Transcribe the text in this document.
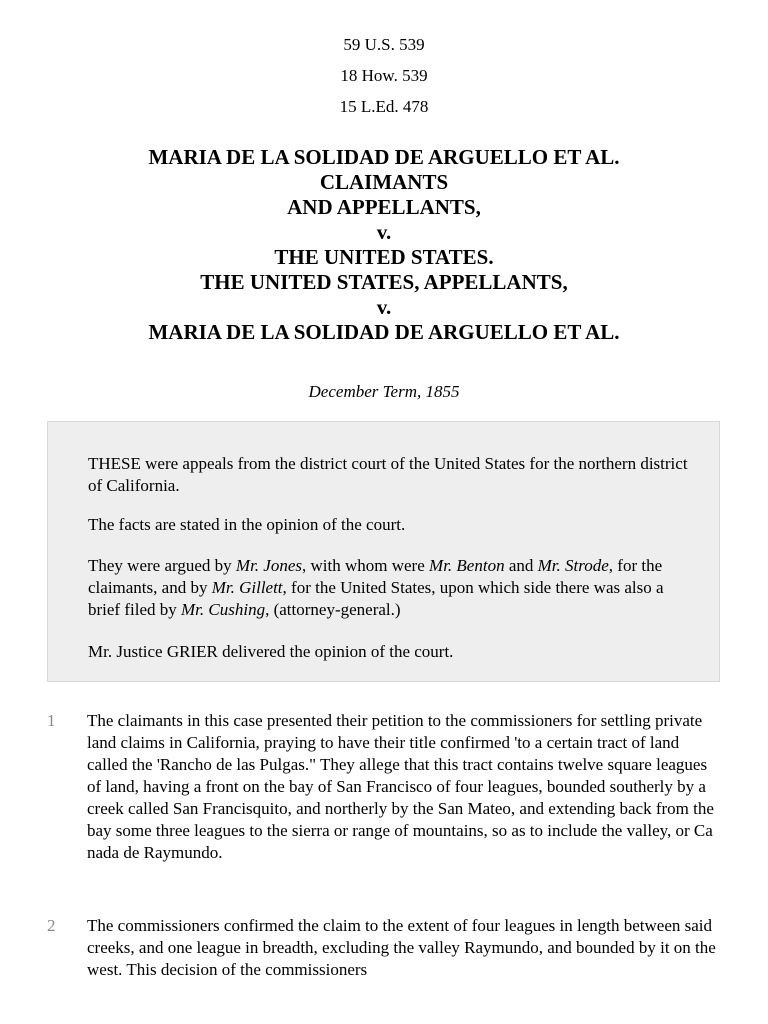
59 U.S. 539
18 How. 539
15 L.Ed. 478
MARIA DE LA SOLIDAD DE ARGUELLO ET AL.
CLAIMANTS
AND APPELLANTS,
v.
THE UNITED STATES.
THE UNITED STATES, APPELLANTS,
v.
MARIA DE LA SOLIDAD DE ARGUELLO ET AL.
December Term, 1855

THESE were appeals from the district court of the United States for the northern district of California.

The facts are stated in the opinion of the court.

They were argued by Mr. Jones, with whom were Mr. Benton and Mr. Strode, for the claimants, and by Mr. Gillett, for the United States, upon which side there was also a brief filed by Mr. Cushing, (attorney-general.)

Mr. Justice GRIER delivered the opinion of the court.

1 The claimants in this case presented their petition to the commissioners for settling private land claims in California, praying to have their title confirmed 'to a certain tract of land called the 'Rancho de las Pulgas." They allege that this tract contains twelve square leagues of land, having a front on the bay of San Francisco of four leagues, bounded southerly by a creek called San Francisquito, and northerly by the San Mateo, and extending back from the bay some three leagues to the sierra or range of mountains, so as to include the valley, or Ca nada de Raymundo.

2 The commissioners confirmed the claim to the extent of four leagues in length between said creeks, and one league in breadth, excluding the valley Raymundo, and bounded by it on the west. This decision of the commissioners
